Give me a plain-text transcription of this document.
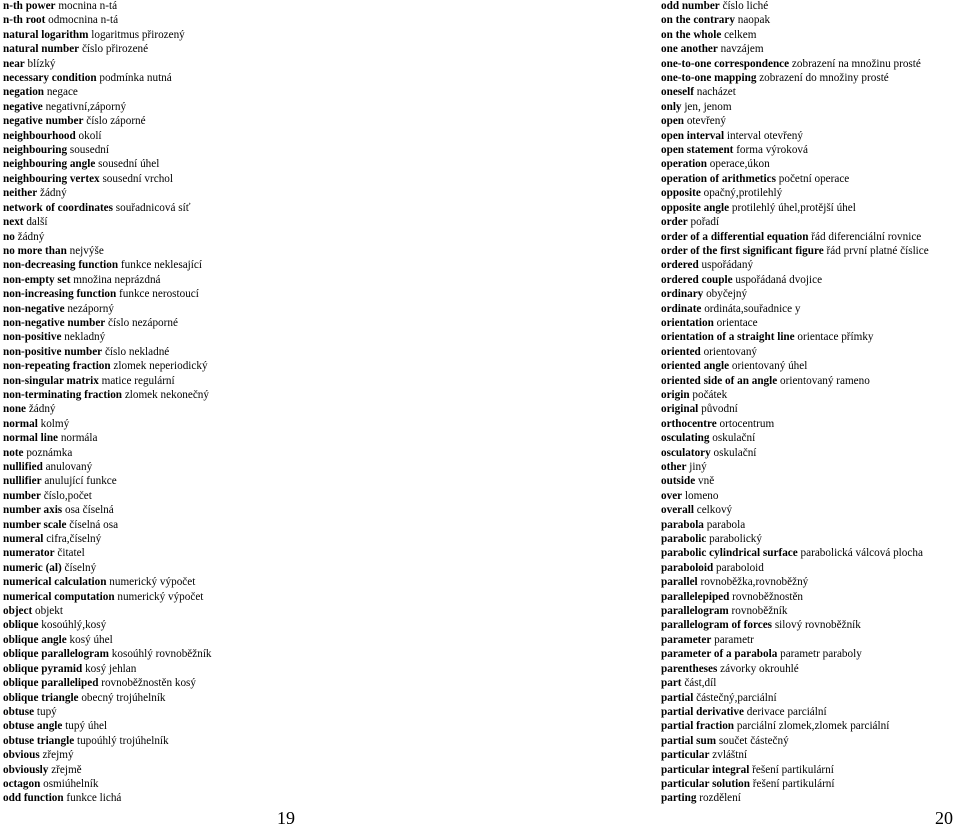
n-th power mocnina n-tá
n-th root odmocnina n-tá
natural logarithm logaritmus přirozený
natural number číslo přirozené
near blízký
necessary condition podmínka nutná
negation negace
negative negativní,záporný
negative number číslo záporné
neighbourhood okolí
neighbouring sousední
neighbouring angle sousední úhel
neighbouring vertex sousední vrchol
neither žádný
network of coordinates souřadnicová síť
next další
no žádný
no more than nejvýše
non-decreasing function funkce neklesající
non-empty set množina neprázdná
non-increasing function funkce nerostoucí
non-negative nezáporný
non-negative number číslo nezáporné
non-positive nekladný
non-positive number číslo nekladné
non-repeating fraction zlomek neperiodický
non-singular matrix matice regulární
non-terminating fraction zlomek nekonečný
none žádný
normal kolmý
normal line normála
note poznámka
nullified anulovaný
nullifier anulující funkce
number číslo,počet
number axis osa číselná
number scale číselná osa
numeral cifra,číselný
numerator čitatel
numeric (al) číselný
numerical calculation numerický výpočet
numerical computation numerický výpočet
object objekt
oblique kosoúhlý,kosý
oblique angle kosý úhel
oblique parallelogram kosoúhlý rovnoběžník
oblique pyramid kosý jehlan
oblique paralleliped rovnoběžnostěn kosý
oblique triangle obecný trojúhelník
obtuse tupý
obtuse angle tupý úhel
obtuse triangle tupoúhlý trojúhelník
obvious zřejmý
obviously zřejmě
octagon osmiúhelník
odd function funkce lichá
odd number číslo liché
on the contrary naopak
on the whole celkem
one another navzájem
one-to-one correspondence zobrazení na množinu prosté
one-to-one mapping zobrazení do množiny prosté
oneself nacházet
only jen, jenom
open otevřený
open interval interval otevřený
open statement forma výroková
operation operace,úkon
operation of arithmetics početní operace
opposite opačný,protilehlý
opposite angle protilehlý úhel,protější úhel
order pořadí
order of a differential equation řád diferenciální rovnice
order of the first significant figure řád první platné číslice
ordered uspořádaný
ordered couple uspořádaná dvojice
ordinary obyčejný
ordinate ordináta,souřadnice y
orientation orientace
orientation of a straight line orientace přímky
oriented orientovaný
oriented angle orientovaný úhel
oriented side of an angle orientovaný rameno
origin počátek
original původní
orthocentre ortocentrum
osculating oskulační
osculatory oskulační
other jiný
outside vně
over lomeno
overall celkový
parabola parabola
parabolic parabolický
parabolic cylindrical surface parabolická válcová plocha
paraboloid paraboloid
parallel rovnoběžka,rovnoběžný
parallelepiped rovnoběžnostěn
parallelogram rovnoběžník
parallelogram of forces silový rovnoběžník
parameter parametr
parameter of a parabola parametr paraboly
parentheses závorky okrouhlé
part část,díl
partial částečný,parciální
partial derivative derivace parciální
partial fraction parciální zlomek,zlomek parciální
partial sum součet částečný
particular zvláštní
particular integral řešení partikulární
particular solution řešení partikulární
parting rozdělení
19	20
